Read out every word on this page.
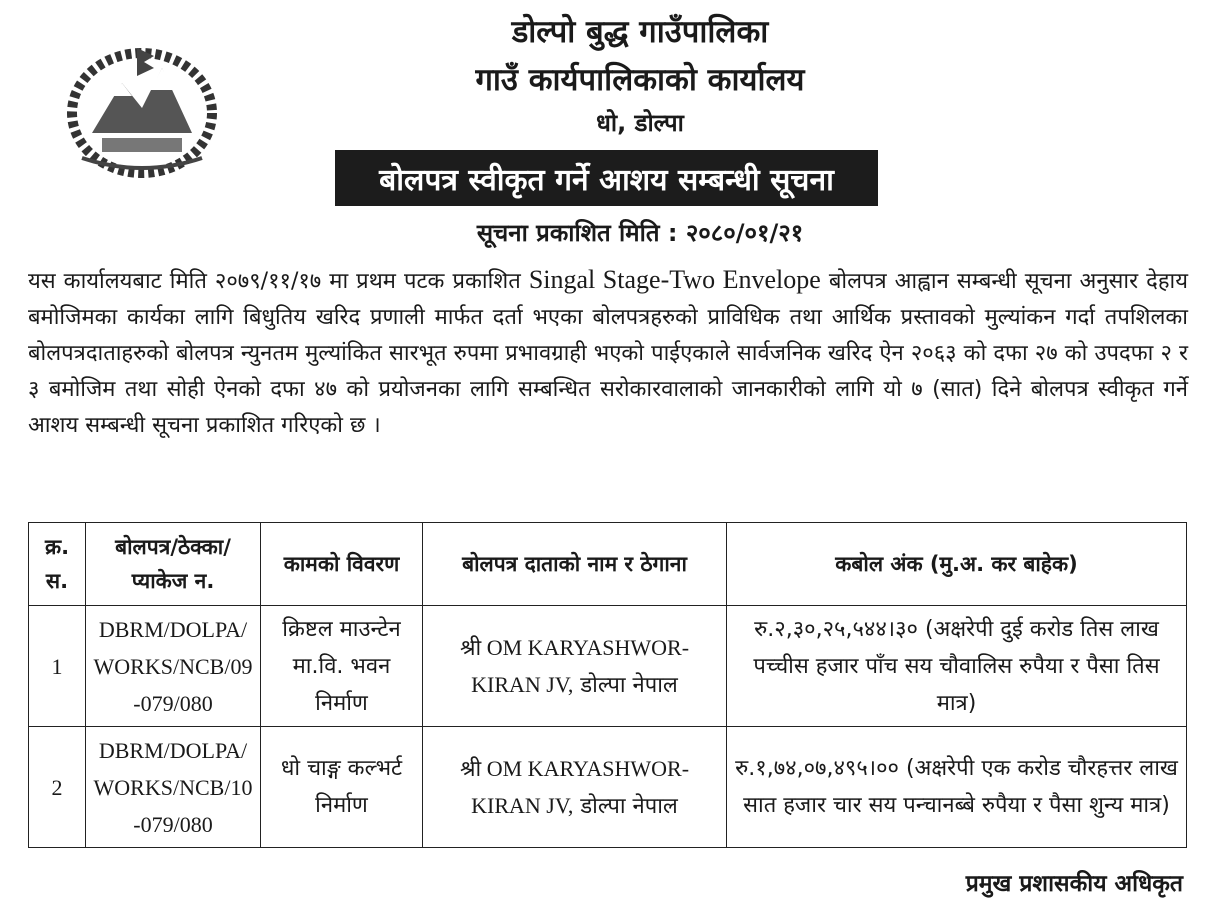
डोल्पो बुद्ध गाउँपालिका
गाउँ कार्यपालिकाको कार्यालय
धो, डोल्पा
बोलपत्र स्वीकृत गर्ने आशय सम्बन्धी सूचना
सूचना प्रकाशित मिति : २०८०/०१/२१
यस कार्यालयबाट मिति २०७९/११/१७ मा प्रथम पटक प्रकाशित Singal Stage-Two Envelope बोलपत्र आह्वान सम्बन्धी सूचना अनुसार देहाय बमोजिमका कार्यका लागि बिधुतिय खरिद प्रणाली मार्फत दर्ता भएका बोलपत्रहरुको प्राविधिक तथा आर्थिक प्रस्तावको मुल्यांकन गर्दा तपशिलका बोलपत्रदाताहरुको बोलपत्र न्युनतम मुल्यांकित सारभूत रुपमा प्रभावग्राही भएको पाईएकाले सार्वजनिक खरिद ऐन २०६३ को दफा २७ को उपदफा २ र ३ बमोजिम तथा सोही ऐनको दफा ४७ को प्रयोजनका लागि सम्बन्धित सरोकारवालाको जानकारीको लागि यो ७ (सात) दिने बोलपत्र स्वीकृत गर्ने आशय सम्बन्धी सूचना प्रकाशित गरिएको छ ।
क्र. स.	बोलपत्र/ठेक्का/ प्याकेज न.	कामको विवरण	बोलपत्र दाताको नाम र ठेगाना	कबोल अंक (मु.अ. कर बाहेक)
1	DBRM/DOLPA/WORKS/NCB/09-079/080	क्रिष्टल माउन्टेन मा.वि. भवन निर्माण	श्री OM KARYASHWOR-KIRAN JV, डोल्पा नेपाल	रु.२,३०,२५,५४४।३० (अक्षरेपी दुई करोड तिस लाख पच्चीस हजार पाँच सय चौवालिस रुपैया र पैसा तिस मात्र)
2	DBRM/DOLPA/WORKS/NCB/10-079/080	धो चाङ्ग कल्भर्ट निर्माण	श्री OM KARYASHWOR-KIRAN JV, डोल्पा नेपाल	रु.१,७४,०७,४९५।०० (अक्षरेपी एक करोड चौरहत्तर लाख सात हजार चार सय पन्चानब्बे रुपैया र पैसा शुन्य मात्र)
प्रमुख प्रशासकीय अधिकृत
